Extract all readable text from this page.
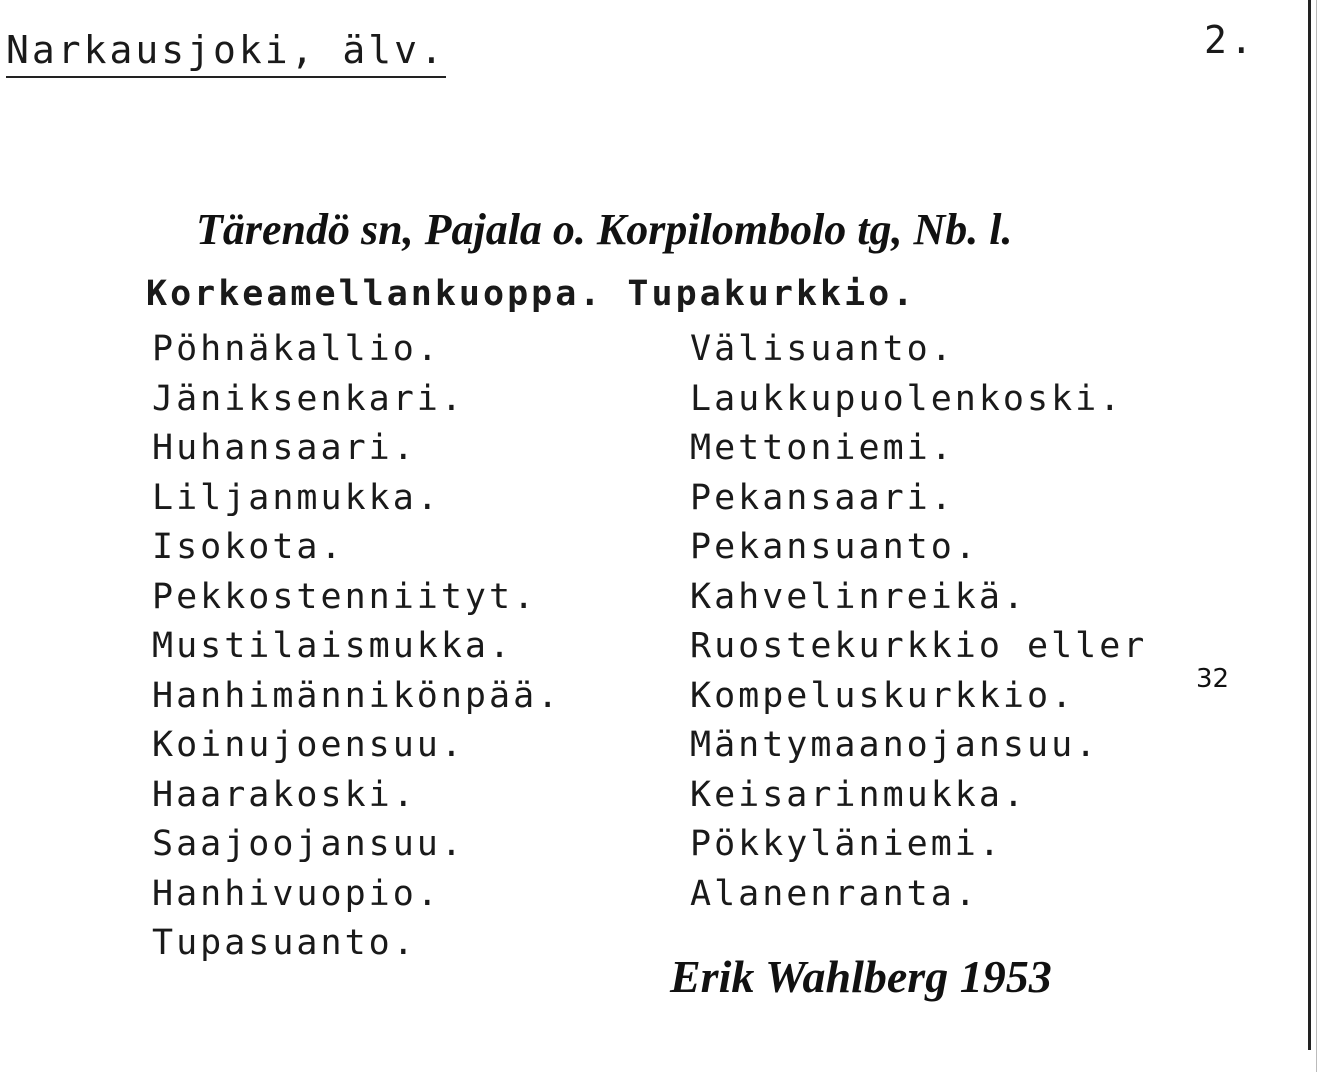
Narkausjoki, älv.	2.
Tärendö sn, Pajala o. Korpilombolo tg, Nb. l.
Korkeamellankuoppa. Tupakurkkio.
Pöhnäkallio.
Jäniksenkari.
Huhansaari.
Liljanmukka.
Isokota.
Pekkostenniityt.
Mustilaismukka.
Hanhimännikönpää.
Koinujoensuu.
Haarakoski.
Saajoojansuu.
Hanhivuopio.
Tupasuanto.
Välisuanto.
Laukkupuolenkoski.
Mettoniemi.
Pekansaari.
Pekansuanto.
Kahvelinreikä.
Ruostekurkkio eller
Kompeluskurkkio.
Mäntymaanojansuu.
Keisarinmukka.
Pökkyläniemi.
Alanenranta.
32
Erik Wahlberg 1953
